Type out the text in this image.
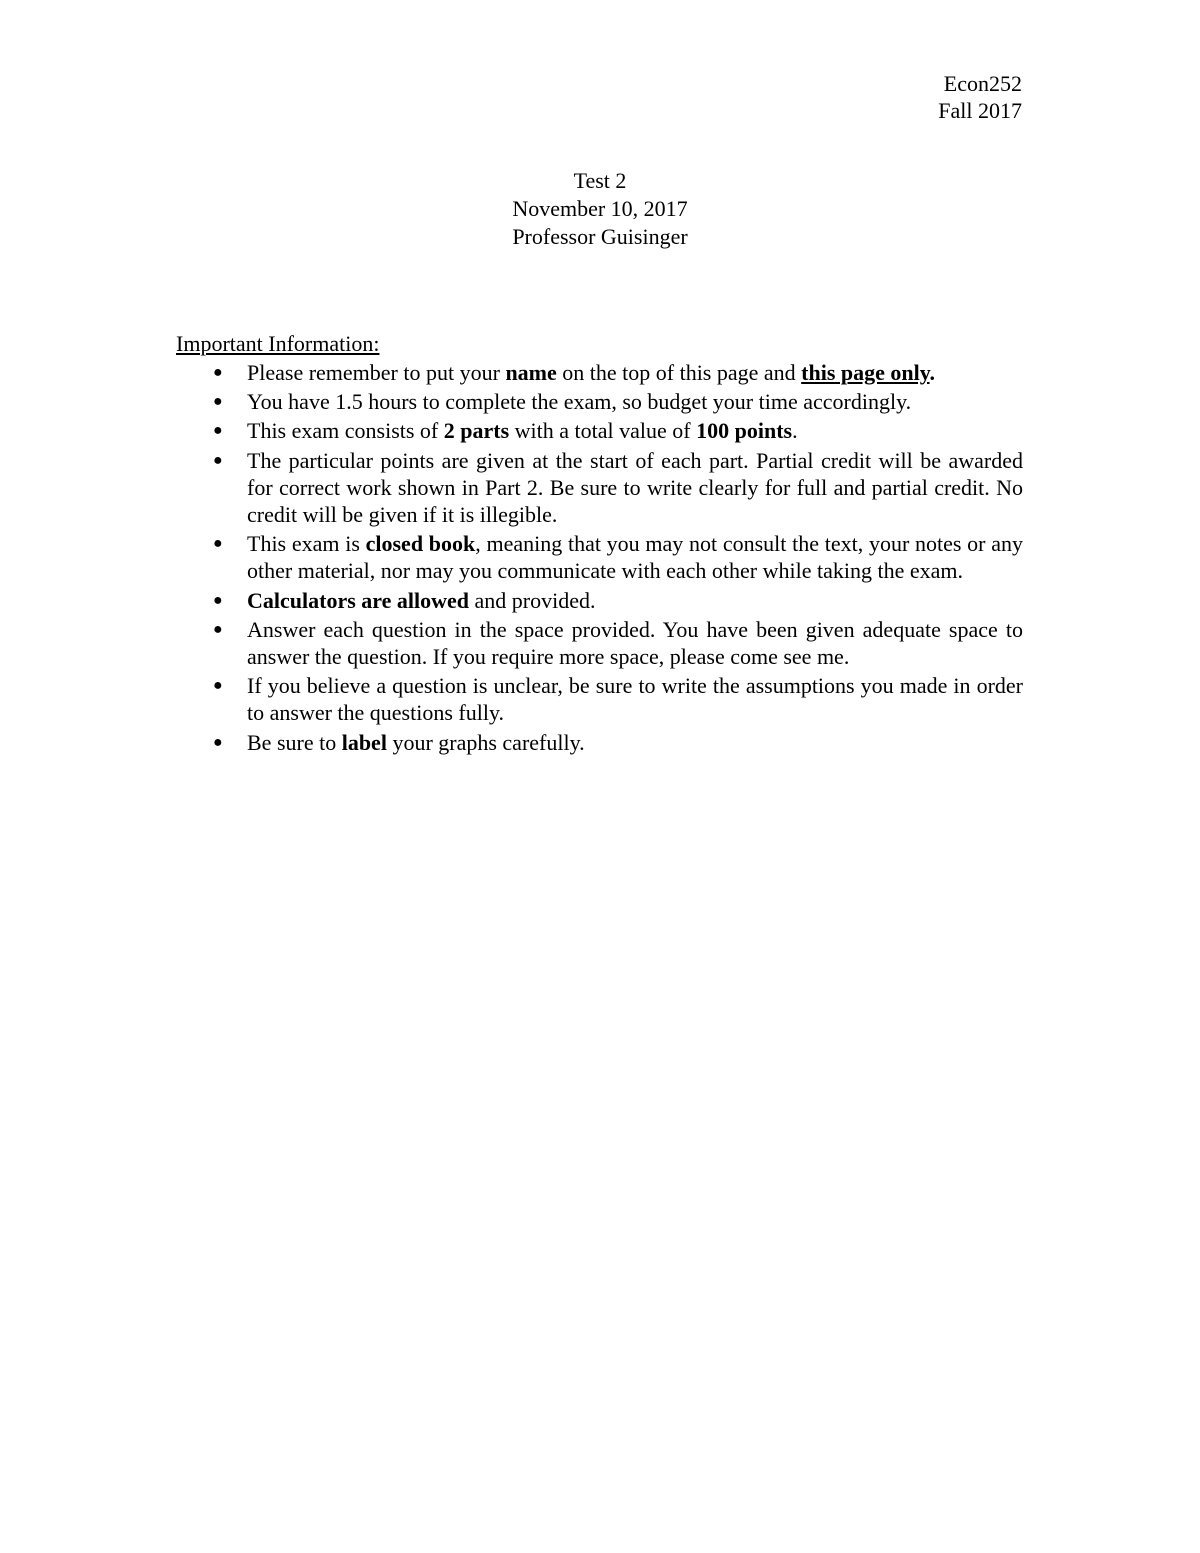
Econ252
Fall 2017
Test 2
November 10, 2017
Professor Guisinger
Important Information:
● Please remember to put your name on the top of this page and this page only.
● You have 1.5 hours to complete the exam, so budget your time accordingly.
● This exam consists of 2 parts with a total value of 100 points.
● The particular points are given at the start of each part. Partial credit will be awarded for correct work shown in Part 2. Be sure to write clearly for full and partial credit. No credit will be given if it is illegible.
● This exam is closed book, meaning that you may not consult the text, your notes or any other material, nor may you communicate with each other while taking the exam.
● Calculators are allowed and provided.
● Answer each question in the space provided. You have been given adequate space to answer the question. If you require more space, please come see me.
● If you believe a question is unclear, be sure to write the assumptions you made in order to answer the questions fully.
● Be sure to label your graphs carefully.
